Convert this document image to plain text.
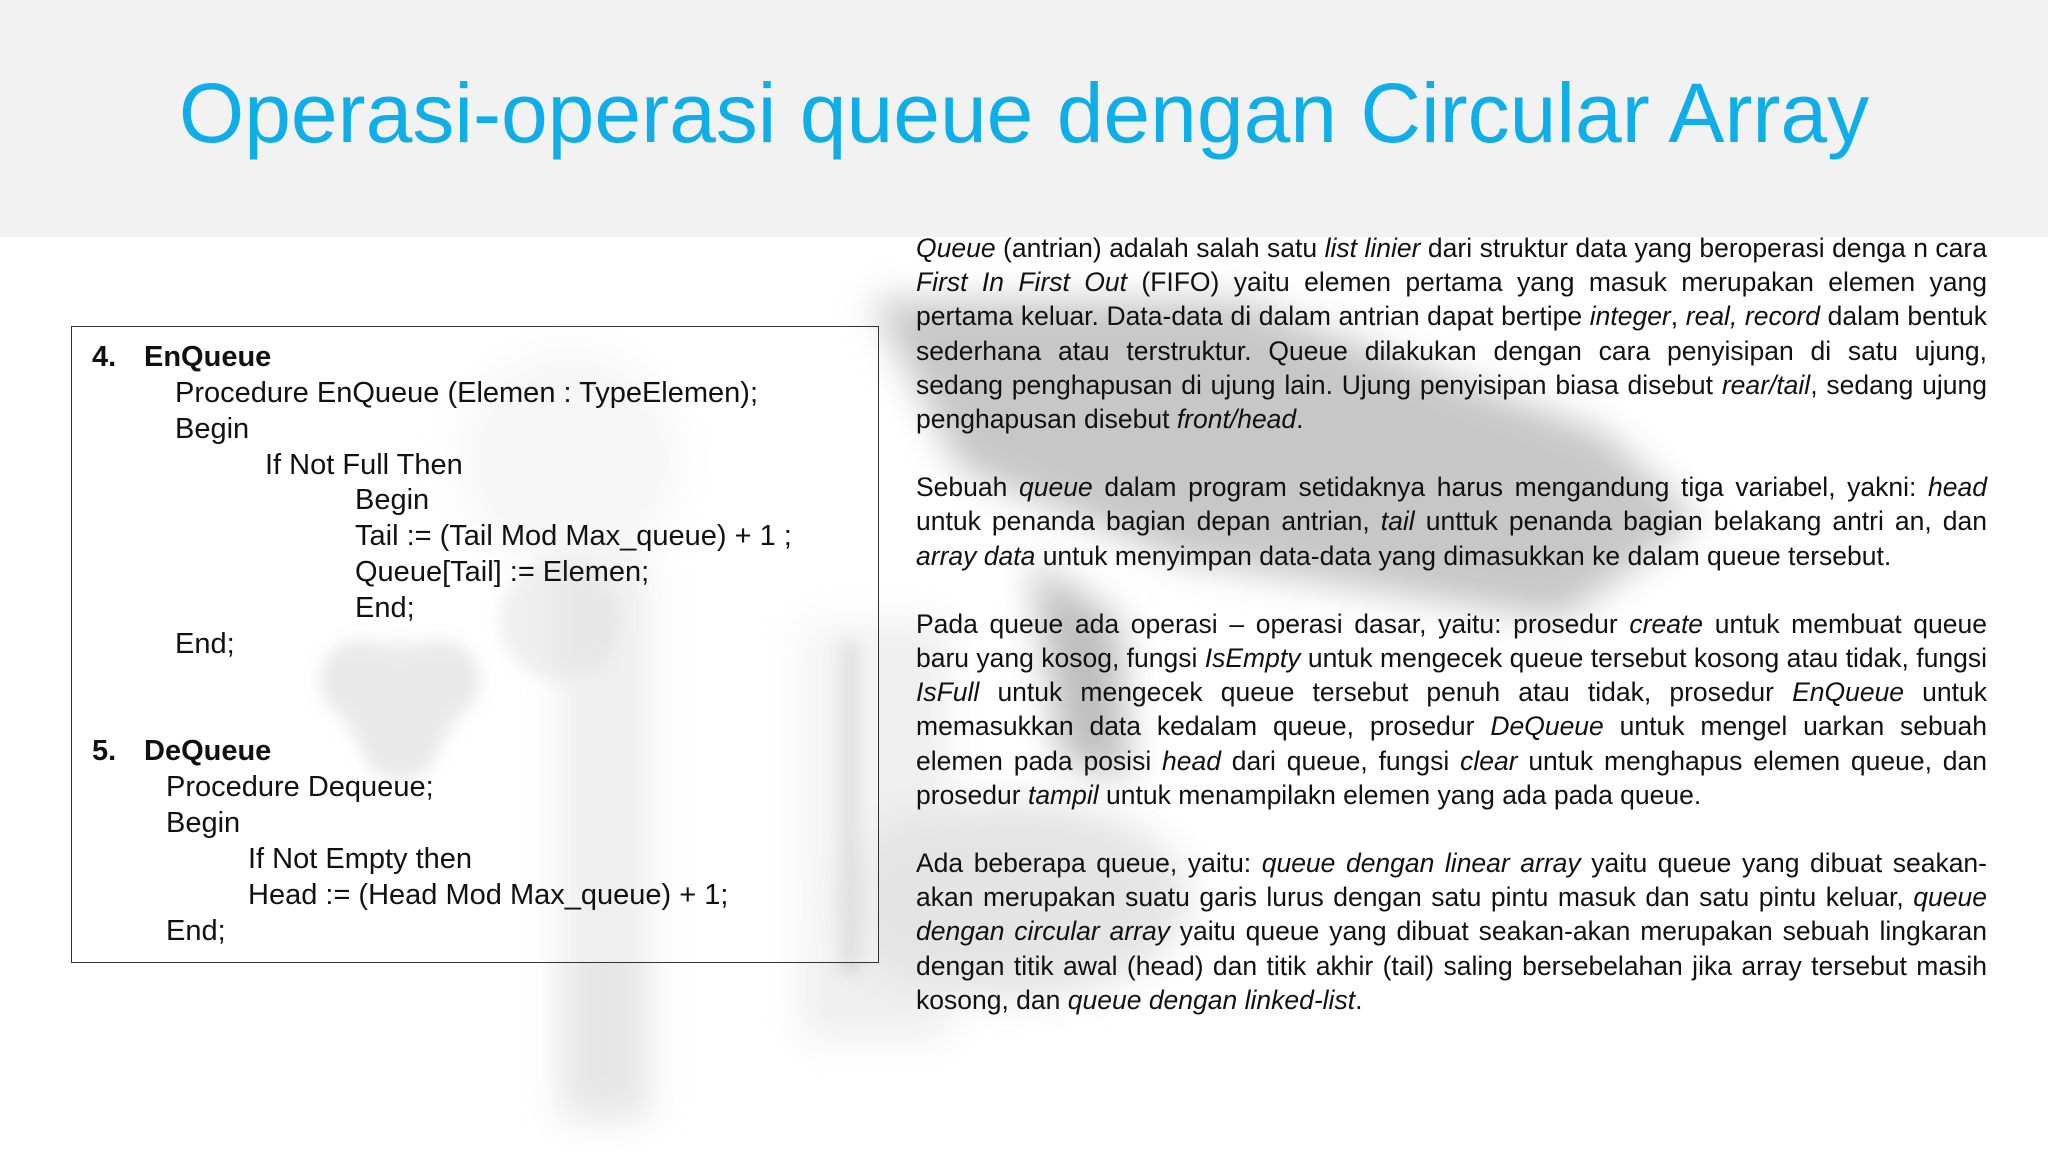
Operasi-operasi queue dengan Circular Array
4. EnQueue
Procedure EnQueue (Elemen : TypeElemen);
Begin
If Not Full Then
Begin
Tail := (Tail Mod Max_queue) + 1 ;
Queue[Tail] := Elemen;
End;
End;
5. DeQueue
Procedure Dequeue;
Begin
If Not Empty then
Head := (Head Mod Max_queue) + 1;
End;

Queue (antrian) adalah salah satu list linier dari struktur data yang beroperasi denga n cara First In First Out (FIFO) yaitu elemen pertama yang masuk merupakan elemen yang pertama keluar. Data-data di dalam antrian dapat bertipe integer, real, record dalam bentuk sederhana atau terstruktur. Queue dilakukan dengan cara penyisipan di satu ujung, sedang penghapusan di ujung lain. Ujung penyisipan biasa disebut rear/tail, sedang ujung penghapusan disebut front/head.

Sebuah queue dalam program setidaknya harus mengandung tiga variabel, yakni: head untuk penanda bagian depan antrian, tail unttuk penanda bagian belakang antri an, dan array data untuk menyimpan data-data yang dimasukkan ke dalam queue tersebut.

Pada queue ada operasi – operasi dasar, yaitu: prosedur create untuk membuat queue baru yang kosog, fungsi IsEmpty untuk mengecek queue tersebut kosong atau tidak, fungsi IsFull untuk mengecek queue tersebut penuh atau tidak, prosedur EnQueue untuk memasukkan data kedalam queue, prosedur DeQueue untuk mengel uarkan sebuah elemen pada posisi head dari queue, fungsi clear untuk menghapus elemen queue, dan prosedur tampil untuk menampilakn elemen yang ada pada queue.

Ada beberapa queue, yaitu: queue dengan linear array yaitu queue yang dibuat seakan-akan merupakan suatu garis lurus dengan satu pintu masuk dan satu pintu keluar, queue dengan circular array yaitu queue yang dibuat seakan-akan merupakan sebuah lingkaran dengan titik awal (head) dan titik akhir (tail) saling bersebelahan jika array tersebut masih kosong, dan queue dengan linked-list.
